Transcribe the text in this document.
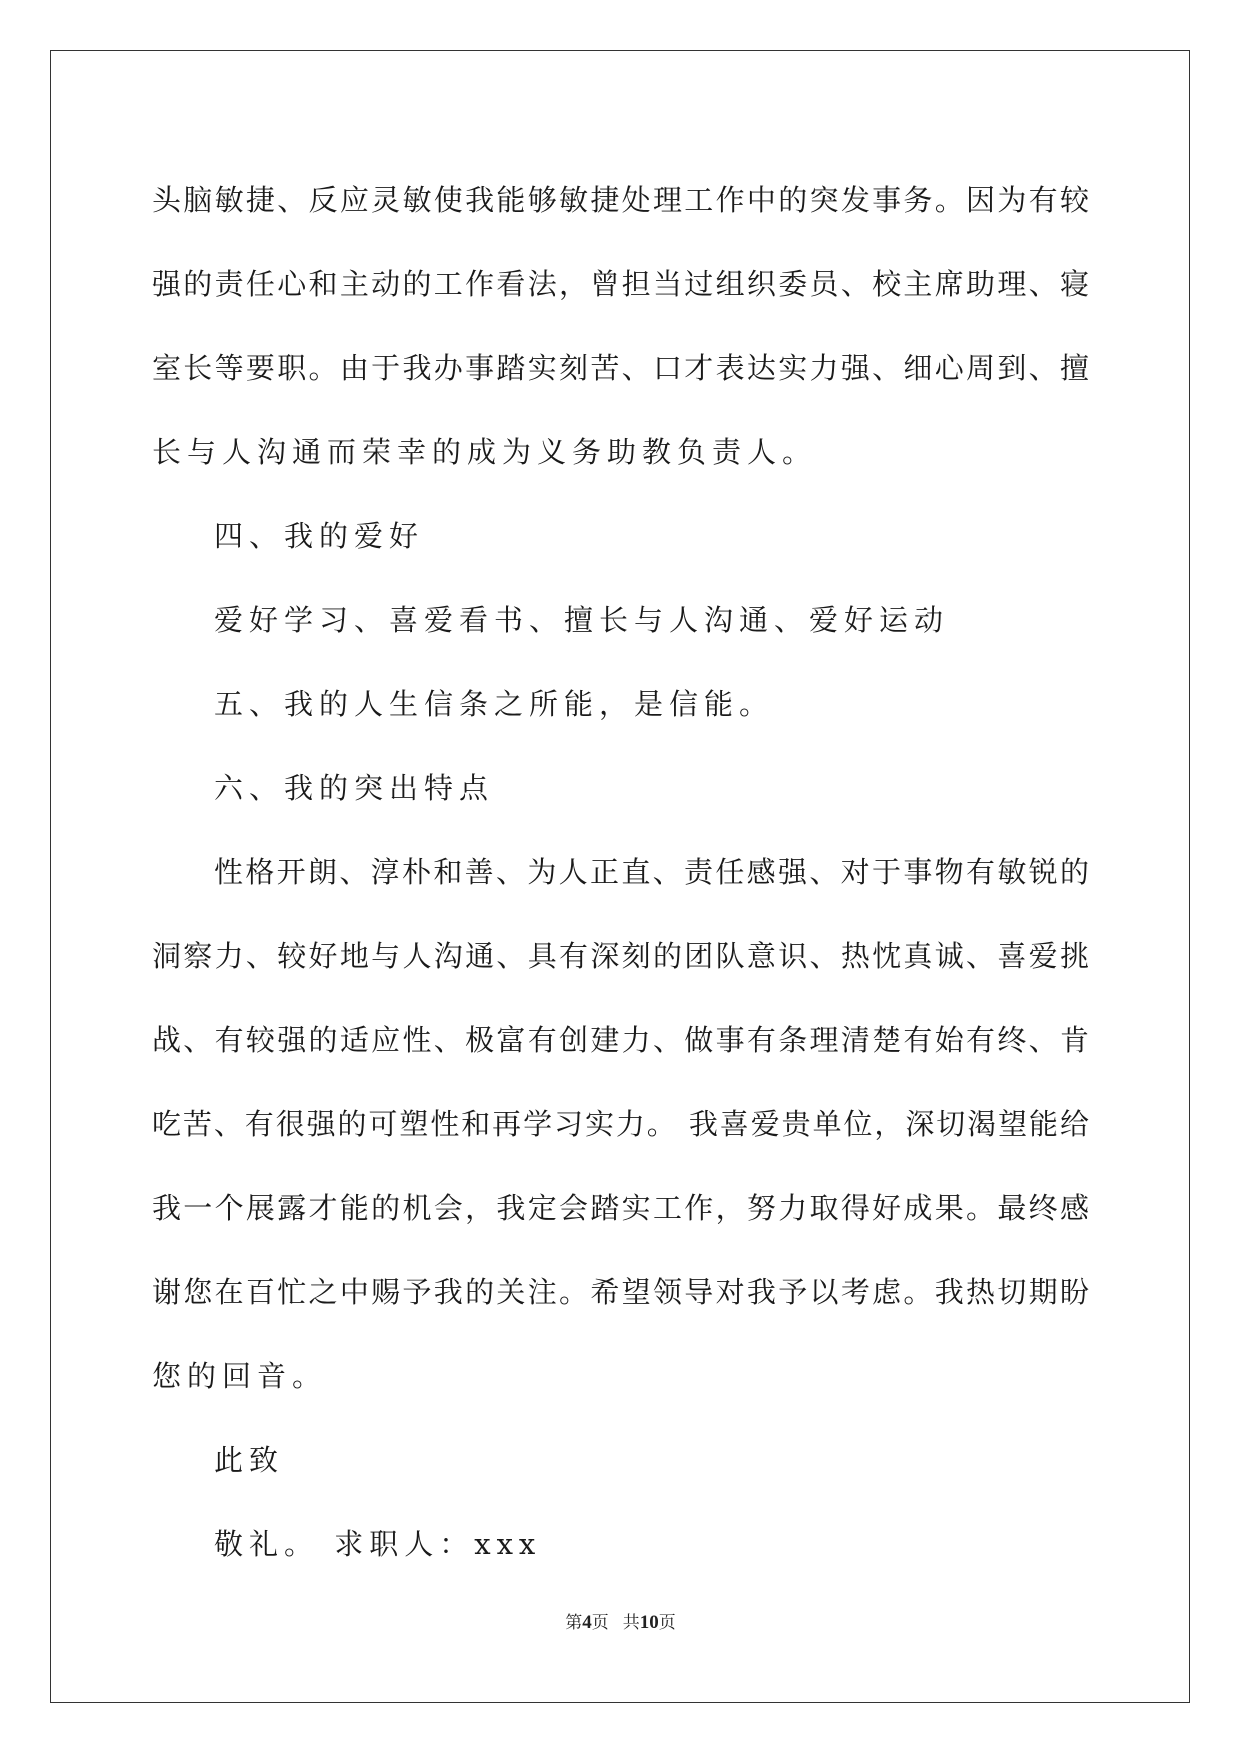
头脑敏捷、反应灵敏使我能够敏捷处理工作中的突发事务。因为有较
强的责任心和主动的工作看法，曾担当过组织委员、校主席助理、寝
室长等要职。由于我办事踏实刻苦、口才表达实力强、细心周到、擅
长与人沟通而荣幸的成为义务助教负责人。
四、我的爱好
爱好学习、喜爱看书、擅长与人沟通、爱好运动
五、我的人生信条之所能，是信能。
六、我的突出特点
性格开朗、淳朴和善、为人正直、责任感强、对于事物有敏锐的
洞察力、较好地与人沟通、具有深刻的团队意识、热忱真诚、喜爱挑
战、有较强的适应性、极富有创建力、做事有条理清楚有始有终、肯
吃苦、有很强的可塑性和再学习实力。 我喜爱贵单位，深切渴望能给
我一个展露才能的机会，我定会踏实工作，努力取得好成果。最终感
谢您在百忙之中赐予我的关注。希望领导对我予以考虑。我热切期盼
您的回音。
此致
敬礼。 求职人：xxx
第4页 共10页
